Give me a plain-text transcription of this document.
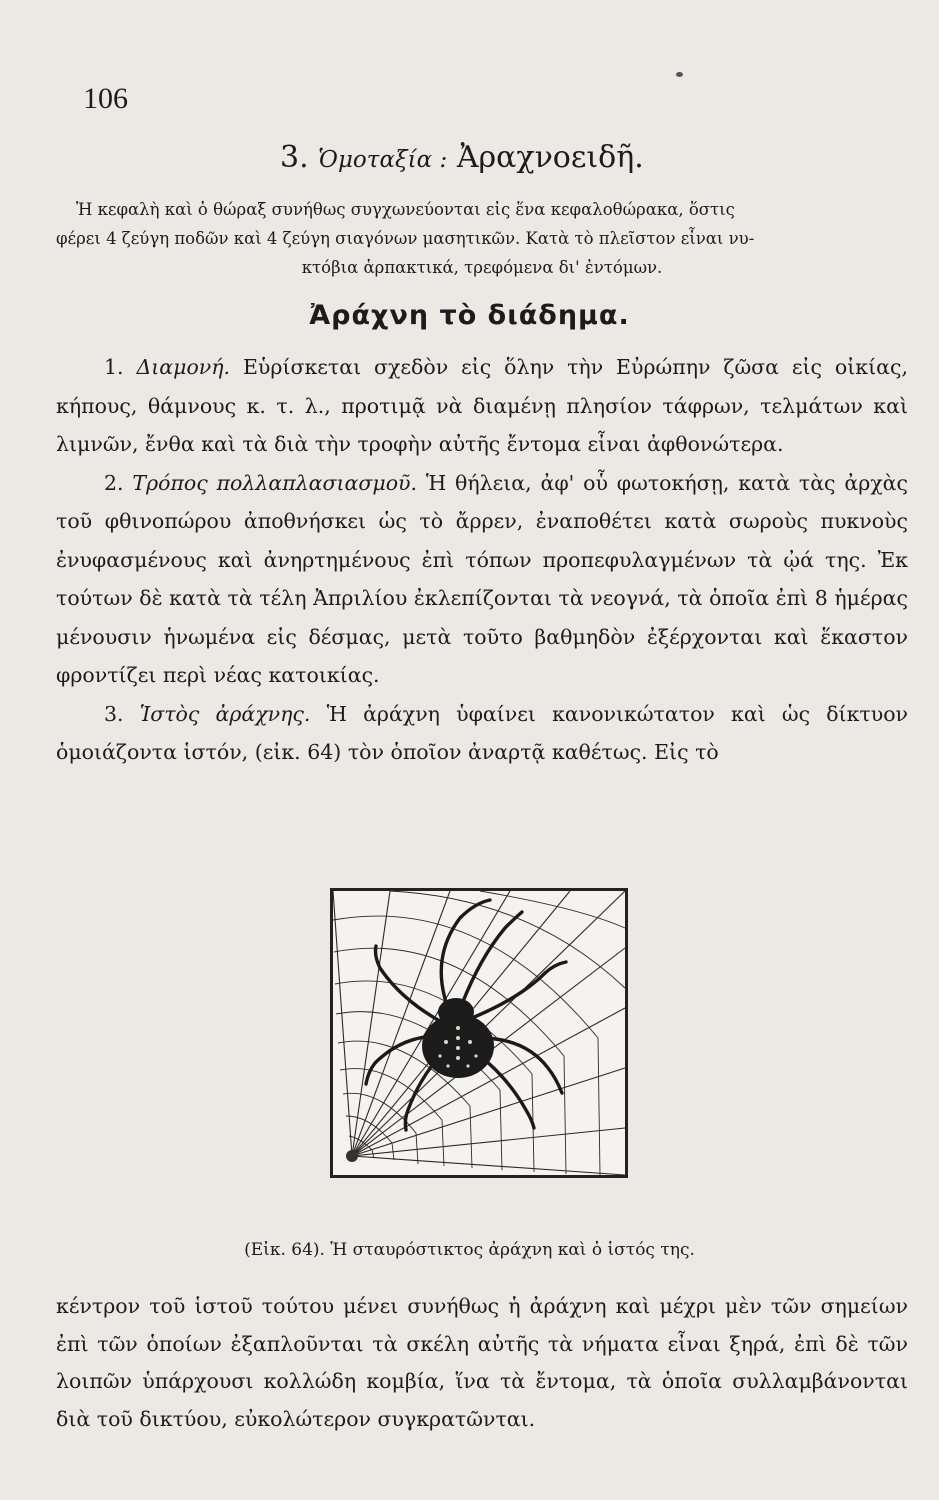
106
3. Ὁμοταξία : Ἀραχνοειδῆ.

Ἡ κεφαλὴ καὶ ὁ θώραξ συνήθως συγχωνεύονται εἰς ἕνα κεφαλοθώρακα, ὅστις

φέρει 4 ζεύγη ποδῶν καὶ 4 ζεύγη σιαγόνων μασητικῶν. Κατὰ τὸ πλεῖστον εἶναι νυ-

κτόβια ἁρπακτικά, τρεφόμενα δι' ἐντόμων.

Ἀράχνη τὸ διάδημα.

1. Διαμονή. Εὑρίσκεται σχεδὸν εἰς ὅλην τὴν Εὐρώπην ζῶσα εἰς οἰκίας, κήπους, θάμνους κ. τ. λ., προτιμᾷ νὰ διαμένῃ πλησίον τάφρων, τελμάτων καὶ λιμνῶν, ἔνθα καὶ τὰ διὰ τὴν τροφὴν αὐτῆς ἔντομα εἶναι ἀφθονώτερα.

2. Τρόπος πολλαπλασιασμοῦ. Ἡ θήλεια, ἀφ' οὗ φωτοκήσῃ, κατὰ τὰς ἀρχὰς τοῦ φθινοπώρου ἀποθνήσκει ὡς τὸ ἄρρεν, ἐναποθέτει κατὰ σωροὺς πυκνοὺς ἐνυφασμένους καὶ ἀνηρτημένους ἐπὶ τόπων προπεφυλαγμένων τὰ ᾠά της. Ἐκ τούτων δὲ κατὰ τὰ τέλη Ἀπριλίου ἐκλεπίζονται τὰ νεογνά, τὰ ὁποῖα ἐπὶ 8 ἡμέρας μένουσιν ἡνωμένα εἰς δέσμας, μετὰ τοῦτο βαθμηδὸν ἐξέρχονται καὶ ἕκαστον φροντίζει περὶ νέας κατοικίας.

3. Ἱστὸς ἀράχνης. Ἡ ἀράχνη ὑφαίνει κανονικώτατον καὶ ὡς δίκτυον ὁμοιάζοντα ἱστόν, (εἰκ. 64) τὸν ὁποῖον ἀναρτᾷ καθέτως. Εἰς τὸ

(Εἰκ. 64). Ἡ σταυρόστικτος ἀράχνη καὶ ὁ ἱστός της.

κέντρον τοῦ ἱστοῦ τούτου μένει συνήθως ἡ ἀράχνη καὶ μέχρι μὲν τῶν σημείων ἐπὶ τῶν ὁποίων ἐξαπλοῦνται τὰ σκέλη αὐτῆς τὰ νήματα εἶναι ξηρά, ἐπὶ δὲ τῶν λοιπῶν ὑπάρχουσι κολλώδη κομβία, ἵνα τὰ ἔντομα, τὰ ὁποῖα συλλαμβάνονται διὰ τοῦ δικτύου, εὐκολώτερον συγκρατῶνται.
